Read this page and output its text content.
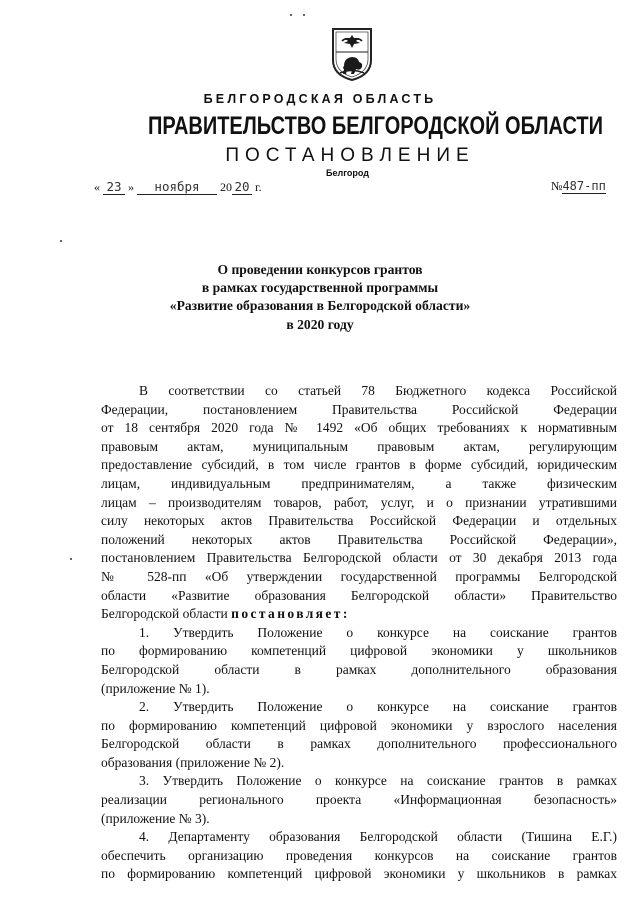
БЕЛГОРОДСКАЯ ОБЛАСТЬ
ПРАВИТЕЛЬСТВО БЕЛГОРОДСКОЙ ОБЛАСТИ
ПОСТАНОВЛЕНИЕ
Белгород
« 23 » ноября 20 20 г.	№487-пп
О проведении конкурсов грантов
в рамках государственной программы
«Развитие образования в Белгородской области»
в 2020 году
В соответствии со статьей 78 Бюджетного кодекса Российской
Федерации, постановлением Правительства Российской Федерации
от 18 сентября 2020 года № 1492 «Об общих требованиях к нормативным
правовым актам, муниципальным правовым актам, регулирующим
предоставление субсидий, в том числе грантов в форме субсидий, юридическим
лицам, индивидуальным предпринимателям, а также физическим
лицам – производителям товаров, работ, услуг, и о признании утратившими
силу некоторых актов Правительства Российской Федерации и отдельных
положений некоторых актов Правительства Российской Федерации»,
постановлением Правительства Белгородской области от 30 декабря 2013 года
№ 528-пп «Об утверждении государственной программы Белгородской
области «Развитие образования Белгородской области» Правительство
Белгородской области постановляет:
1. Утвердить Положение о конкурсе на соискание грантов
по формированию компетенций цифровой экономики у школьников
Белгородской области в рамках дополнительного образования
(приложение № 1).
2. Утвердить Положение о конкурсе на соискание грантов
по формированию компетенций цифровой экономики у взрослого населения
Белгородской области в рамках дополнительного профессионального
образования (приложение № 2).
3. Утвердить Положение о конкурсе на соискание грантов в рамках
реализации регионального проекта «Информационная безопасность»
(приложение № 3).
4. Департаменту образования Белгородской области (Тишина Е.Г.)
обеспечить организацию проведения конкурсов на соискание грантов
по формированию компетенций цифровой экономики у школьников в рамках
